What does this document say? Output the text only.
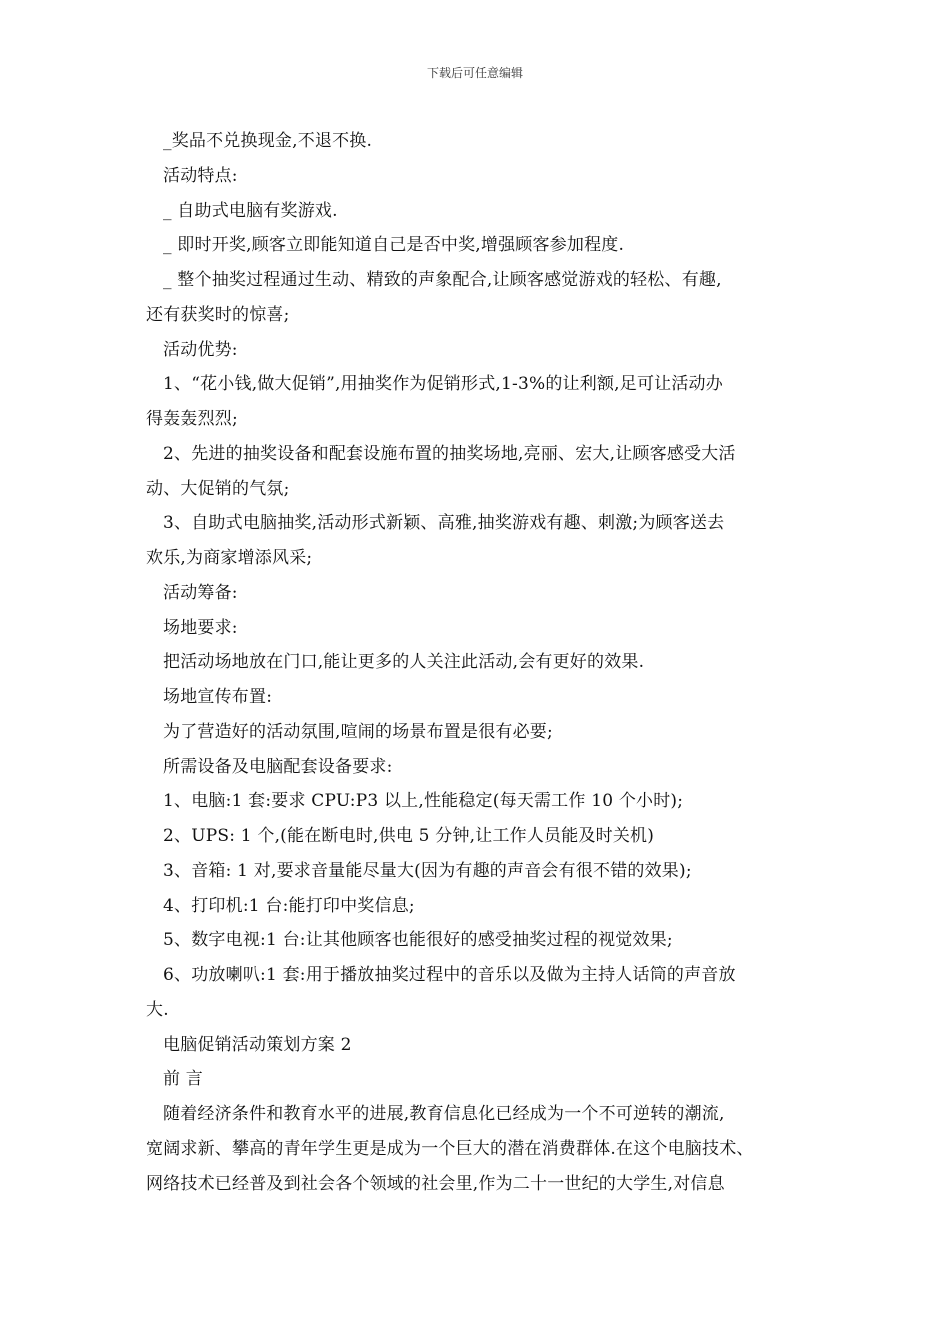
下载后可任意编辑
_奖品不兑换现金,不退不换.
活动特点:
_ 自助式电脑有奖游戏.
_ 即时开奖,顾客立即能知道自己是否中奖,增强顾客参加程度.
_ 整个抽奖过程通过生动、精致的声象配合,让顾客感觉游戏的轻松、有趣,
还有获奖时的惊喜;
活动优势:
1、“花小钱,做大促销”,用抽奖作为促销形式,1-3%的让利额,足可让活动办
得轰轰烈烈;
2、先进的抽奖设备和配套设施布置的抽奖场地,亮丽、宏大,让顾客感受大活
动、大促销的气氛;
3、自助式电脑抽奖,活动形式新颖、高雅,抽奖游戏有趣、刺激;为顾客送去
欢乐,为商家增添风采;
活动筹备:
场地要求:
把活动场地放在门口,能让更多的人关注此活动,会有更好的效果.
场地宣传布置:
为了营造好的活动氛围,喧闹的场景布置是很有必要;
所需设备及电脑配套设备要求:
1、电脑:1 套:要求 CPU:P3 以上,性能稳定(每天需工作 10 个小时);
2、UPS: 1 个,(能在断电时,供电 5 分钟,让工作人员能及时关机)
3、音箱: 1 对,要求音量能尽量大(因为有趣的声音会有很不错的效果);
4、打印机:1 台:能打印中奖信息;
5、数字电视:1 台:让其他顾客也能很好的感受抽奖过程的视觉效果;
6、功放喇叭:1 套:用于播放抽奖过程中的音乐以及做为主持人话筒的声音放
大.
电脑促销活动策划方案 2
前 言
随着经济条件和教育水平的进展,教育信息化已经成为一个不可逆转的潮流,
宽阔求新、攀高的青年学生更是成为一个巨大的潜在消费群体.在这个电脑技术、
网络技术已经普及到社会各个领域的社会里,作为二十一世纪的大学生,对信息
